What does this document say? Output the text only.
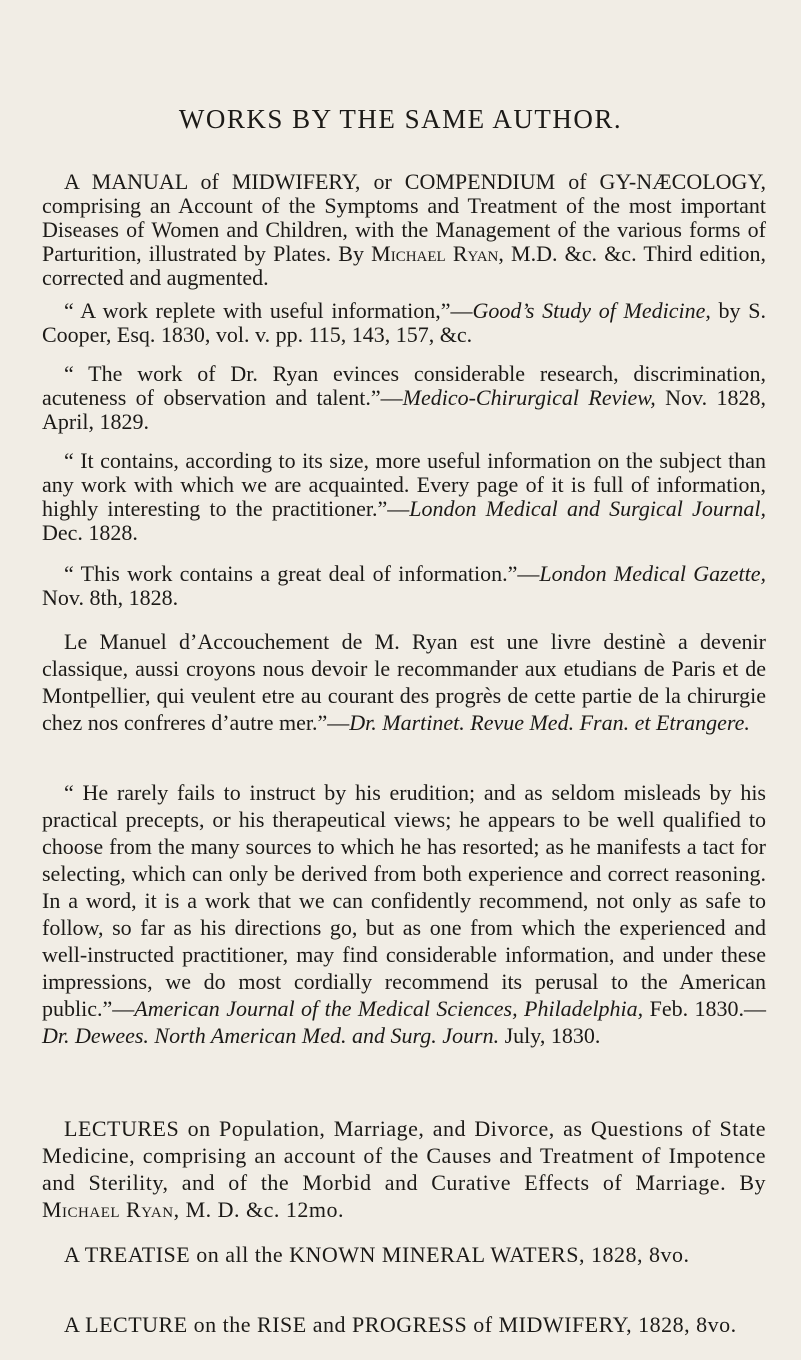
WORKS BY THE SAME AUTHOR.

A MANUAL of MIDWIFERY, or COMPENDIUM of GY-NÆCOLOGY, comprising an Account of the Symptoms and Treatment of the most important Diseases of Women and Children, with the Management of the various forms of Parturition, illustrated by Plates. By Michael Ryan, M.D. &c. &c. Third edition, corrected and augmented.

“ A work replete with useful information,”—Good’s Study of Medicine, by S. Cooper, Esq. 1830, vol. v. pp. 115, 143, 157, &c.

“ The work of Dr. Ryan evinces considerable research, discrimination, acuteness of observation and talent.”—Medico-Chirurgical Review, Nov. 1828, April, 1829.

“ It contains, according to its size, more useful information on the subject than any work with which we are acquainted. Every page of it is full of information, highly interesting to the practitioner.”—London Medical and Surgical Journal, Dec. 1828.

“ This work contains a great deal of information.”—London Medical Gazette, Nov. 8th, 1828.

Le Manuel d’Accouchement de M. Ryan est une livre destinè a devenir classique, aussi croyons nous devoir le recommander aux etudians de Paris et de Montpellier, qui veulent etre au courant des progrès de cette partie de la chirurgie chez nos confreres d’autre mer.”—Dr. Martinet. Revue Med. Fran. et Etrangere.

“ He rarely fails to instruct by his erudition; and as seldom misleads by his practical precepts, or his therapeutical views; he appears to be well qualified to choose from the many sources to which he has resorted; as he manifests a tact for selecting, which can only be derived from both experience and correct reasoning. In a word, it is a work that we can confidently recommend, not only as safe to follow, so far as his directions go, but as one from which the experienced and well-instructed practitioner, may find considerable information, and under these impressions, we do most cordially recommend its perusal to the American public.”—American Journal of the Medical Sciences, Philadelphia, Feb. 1830.—Dr. Dewees. North American Med. and Surg. Journ. July, 1830.

LECTURES on Population, Marriage, and Divorce, as Questions of State Medicine, comprising an account of the Causes and Treatment of Impotence and Sterility, and of the Morbid and Curative Effects of Marriage. By Michael Ryan, M. D. &c. 12mo.

A TREATISE on all the KNOWN MINERAL WATERS, 1828, 8vo.

A LECTURE on the RISE and PROGRESS of MIDWIFERY, 1828, 8vo.
